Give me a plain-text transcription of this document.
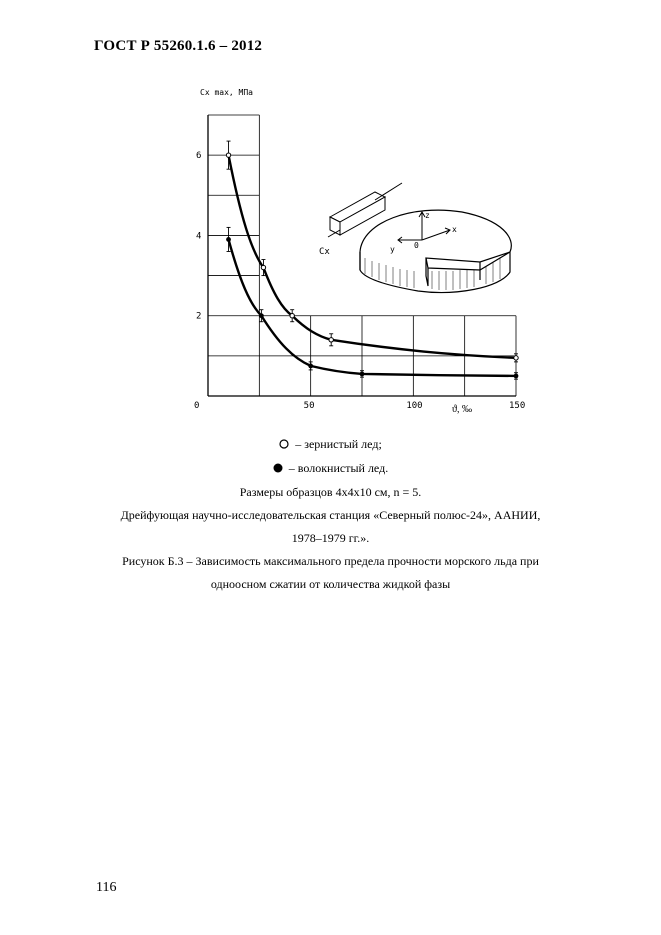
ГОСТ Р 55260.1.6 – 2012
Cx max, МПа
ϑ, ‰
0	50	100	150
2
4
6
Cx
z
x
y 0
– зернистый лед;
– волокнистый лед.
Размеры образцов 4х4х10 см, n = 5.
Дрейфующая научно-исследовательская станция «Северный полюс-24», ААНИИ,
1978–1979 гг.».
Рисунок Б.3 – Зависимость максимального предела прочности морского льда при
одноосном сжатии от количества жидкой фазы
116
